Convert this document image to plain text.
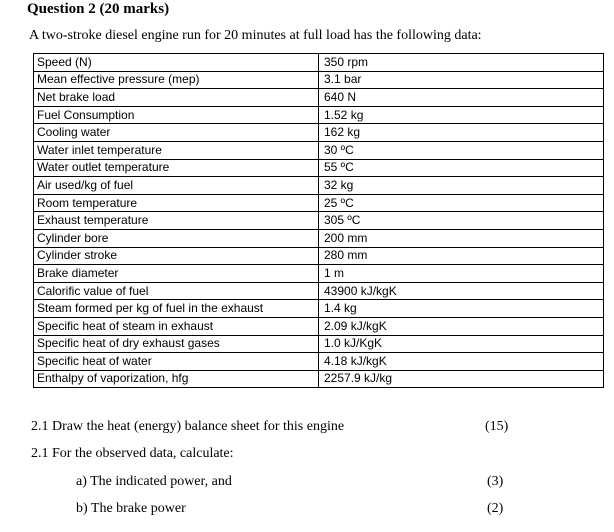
Question 2 (20 marks)
A two-stroke diesel engine run for 20 minutes at full load has the following data:
Speed (N)	350 rpm
Mean effective pressure (mep)	3.1 bar
Net brake load	640 N
Fuel Consumption	1.52 kg
Cooling water	162 kg
Water inlet temperature	30 ºC
Water outlet temperature	55 ºC
Air used/kg of fuel	32 kg
Room temperature	25 ºC
Exhaust temperature	305 ºC
Cylinder bore	200 mm
Cylinder stroke	280 mm
Brake diameter	1 m
Calorific value of fuel	43900 kJ/kgK
Steam formed per kg of fuel in the exhaust	1.4 kg
Specific heat of steam in exhaust	2.09 kJ/kgK
Specific heat of dry exhaust gases	1.0 kJ/KgK
Specific heat of water	4.18 kJ/kgK
Enthalpy of vaporization, hfg	2257.9 kJ/kg
2.1 Draw the heat (energy) balance sheet for this engine	(15)
2.1 For the observed data, calculate:
a) The indicated power, and	(3)
b) The brake power	(2)
